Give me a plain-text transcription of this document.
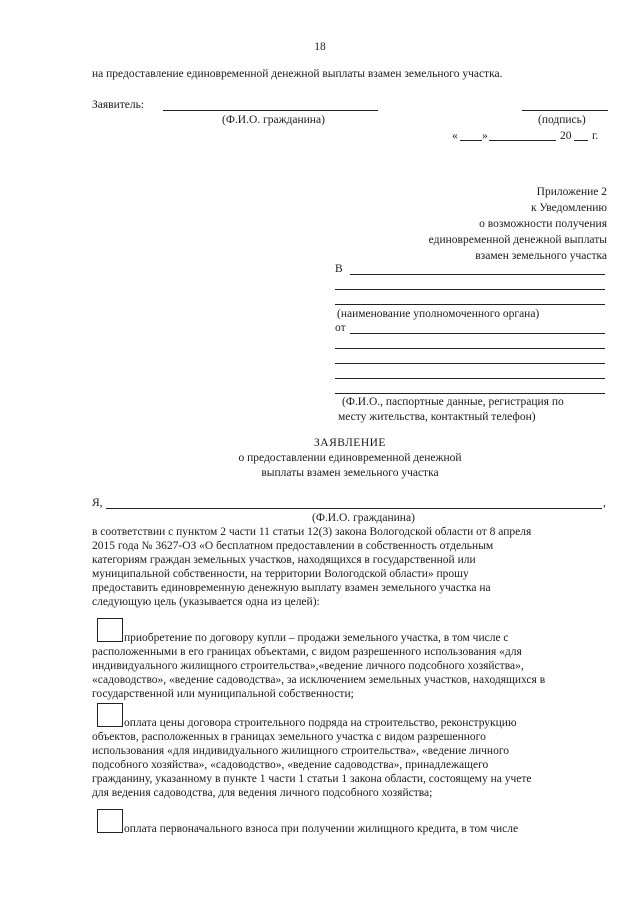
18
на предоставление единовременной денежной выплаты взамен земельного участка.
Заявитель:
(Ф.И.О. гражданина)	(подпись)
« »	20 г.
Приложение 2
к Уведомлению
о возможности получения
единовременной денежной выплаты
взамен земельного участка
В
(наименование уполномоченного органа)
от
(Ф.И.О., паспортные данные, регистрация по
месту жительства, контактный телефон)
ЗАЯВЛЕНИЕ
о предоставлении единовременной денежной
выплаты взамен земельного участка
Я,	,
(Ф.И.О. гражданина)
в соответствии с пунктом 2 части 11 статьи 12(3) закона Вологодской области от 8 апреля
2015 года № 3627-ОЗ «О бесплатном предоставлении в собственность отдельным
категориям граждан земельных участков, находящихся в государственной или
муниципальной собственности, на территории Вологодской области» прошу
предоставить единовременную денежную выплату взамен земельного участка на
следующую цель (указывается одна из целей):
приобретение по договору купли – продажи земельного участка, в том числе с
расположенными в его границах объектами, с видом разрешенного использования «для
индивидуального жилищного строительства»,«ведение личного подсобного хозяйства»,
«садоводство», «ведение садоводства», за исключением земельных участков, находящихся в
государственной или муниципальной собственности;
оплата цены договора строительного подряда на строительство, реконструкцию
объектов, расположенных в границах земельного участка с видом разрешенного
использования «для индивидуального жилищного строительства», «ведение личного
подсобного хозяйства», «садоводство», «ведение садоводства», принадлежащего
гражданину, указанному в пункте 1 части 1 статьи 1 закона области, состоящему на учете
для ведения садоводства, для ведения личного подсобного хозяйства;
оплата первоначального взноса при получении жилищного кредита, в том числе
